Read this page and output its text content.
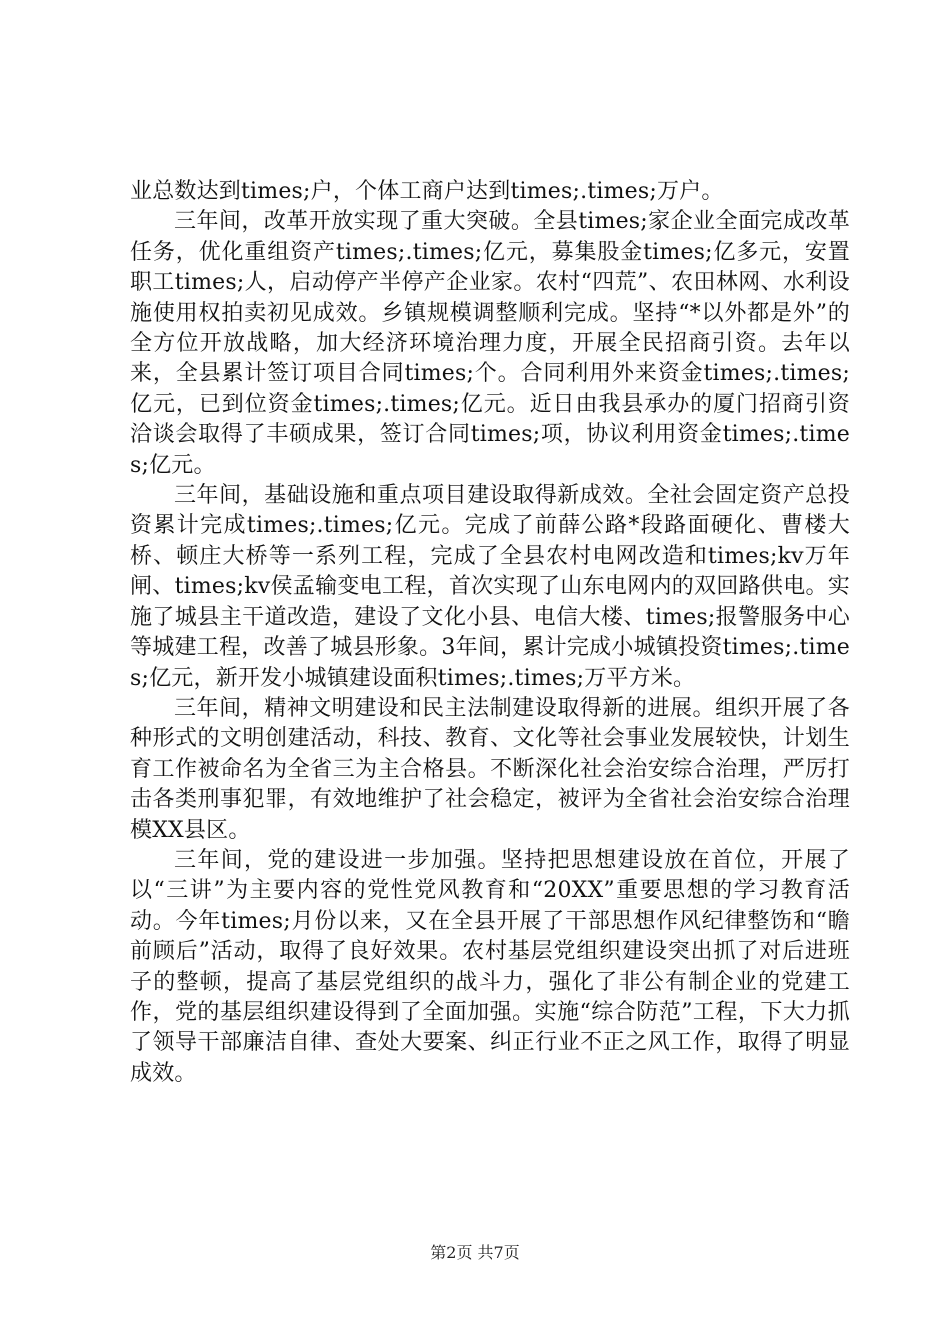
业总数达到times;户，个体工商户达到times;.times;万户。

三年间，改革开放实现了重大突破。全县times;家企业全面完成改革任务，优化重组资产times;.times;亿元，募集股金times;亿多元，安置职工times;人，启动停产半停产企业家。农村“四荒”、农田林网、水利设施使用权拍卖初见成效。乡镇规模调整顺利完成。坚持“*以外都是外”的全方位开放战略，加大经济环境治理力度，开展全民招商引资。去年以来，全县累计签订项目合同times;个。合同利用外来资金times;.times;亿元，已到位资金times;.times;亿元。近日由我县承办的厦门招商引资洽谈会取得了丰硕成果，签订合同times;项，协议利用资金times;.times;亿元。

三年间，基础设施和重点项目建设取得新成效。全社会固定资产总投资累计完成times;.times;亿元。完成了前薛公路*段路面硬化、曹楼大桥、顿庄大桥等一系列工程，完成了全县农村电网改造和times;kv万年闸、times;kv侯孟输变电工程，首次实现了山东电网内的双回路供电。实施了城县主干道改造，建设了文化小县、电信大楼、times;报警服务中心等城建工程，改善了城县形象。3年间，累计完成小城镇投资times;.times;亿元，新开发小城镇建设面积times;.times;万平方米。

三年间，精神文明建设和民主法制建设取得新的进展。组织开展了各种形式的文明创建活动，科技、教育、文化等社会事业发展较快，计划生育工作被命名为全省三为主合格县。不断深化社会治安综合治理，严厉打击各类刑事犯罪，有效地维护了社会稳定，被评为全省社会治安综合治理模XX县区。

三年间，党的建设进一步加强。坚持把思想建设放在首位，开展了以“三讲”为主要内容的党性党风教育和“20XX”重要思想的学习教育活动。今年times;月份以来，又在全县开展了干部思想作风纪律整饬和“瞻前顾后”活动，取得了良好效果。农村基层党组织建设突出抓了对后进班子的整顿，提高了基层党组织的战斗力，强化了非公有制企业的党建工作，党的基层组织建设得到了全面加强。实施“综合防范”工程，下大力抓了领导干部廉洁自律、查处大要案、纠正行业不正之风工作，取得了明显成效。

第2页 共7页
